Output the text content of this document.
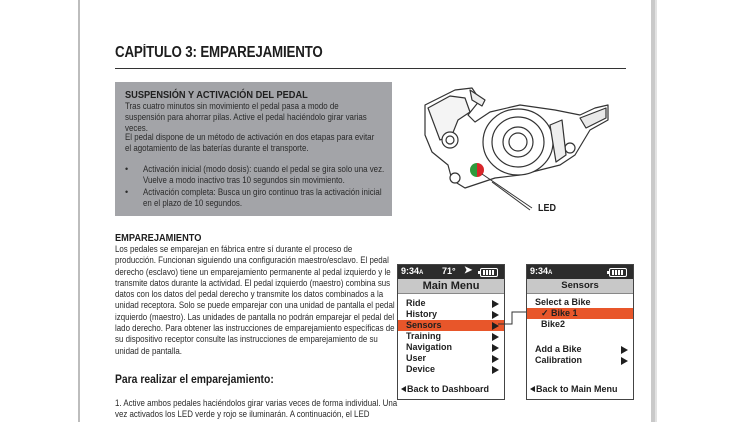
CAPÍTULO 3: EMPAREJAMIENTO
SUSPENSIÓN Y ACTIVACIÓN DEL PEDAL
Tras cuatro minutos sin movimiento el pedal pasa a modo de suspensión para ahorrar pilas. Active el pedal haciéndolo girar varias veces.
El pedal dispone de un método de activación en dos etapas para evitar el agotamiento de las baterías durante el transporte.
• Activación inicial (modo dosis): cuando el pedal se gira solo una vez. Vuelve a modo inactivo tras 10 segundos sin movimiento.
• Activación completa: Busca un giro continuo tras la activación inicial en el plazo de 10 segundos.
EMPAREJAMIENTO
Los pedales se emparejan en fábrica entre sí durante el proceso de producción. Funcionan siguiendo una configuración maestro/esclavo. El pedal derecho (esclavo) tiene un emparejamiento permanente al pedal izquierdo y le transmite datos durante la actividad. El pedal izquierdo (maestro) combina sus datos con los datos del pedal derecho y transmite los datos combinados a la unidad receptora. Solo se puede emparejar con una unidad de pantalla el pedal izquierdo (maestro). Las unidades de pantalla no podrán emparejar el pedal del lado derecho. Para obtener las instrucciones de emparejamiento específicas de su dispositivo receptor consulte las instrucciones de emparejamiento de su unidad de pantalla.
Para realizar el emparejamiento:
1. Active ambos pedales haciéndolos girar varias veces de forma individual. Una vez activados los LED verde y rojo se iluminarán. A continuación, el LED
LED
9:34A 71° ➤
Main Menu
Ride
History
Sensors
Training
Navigation
User
Device
Back to Dashboard
9:34A
Sensors
Select a Bike
✓ Bike 1
Bike2
Add a Bike
Calibration
Back to Main Menu
